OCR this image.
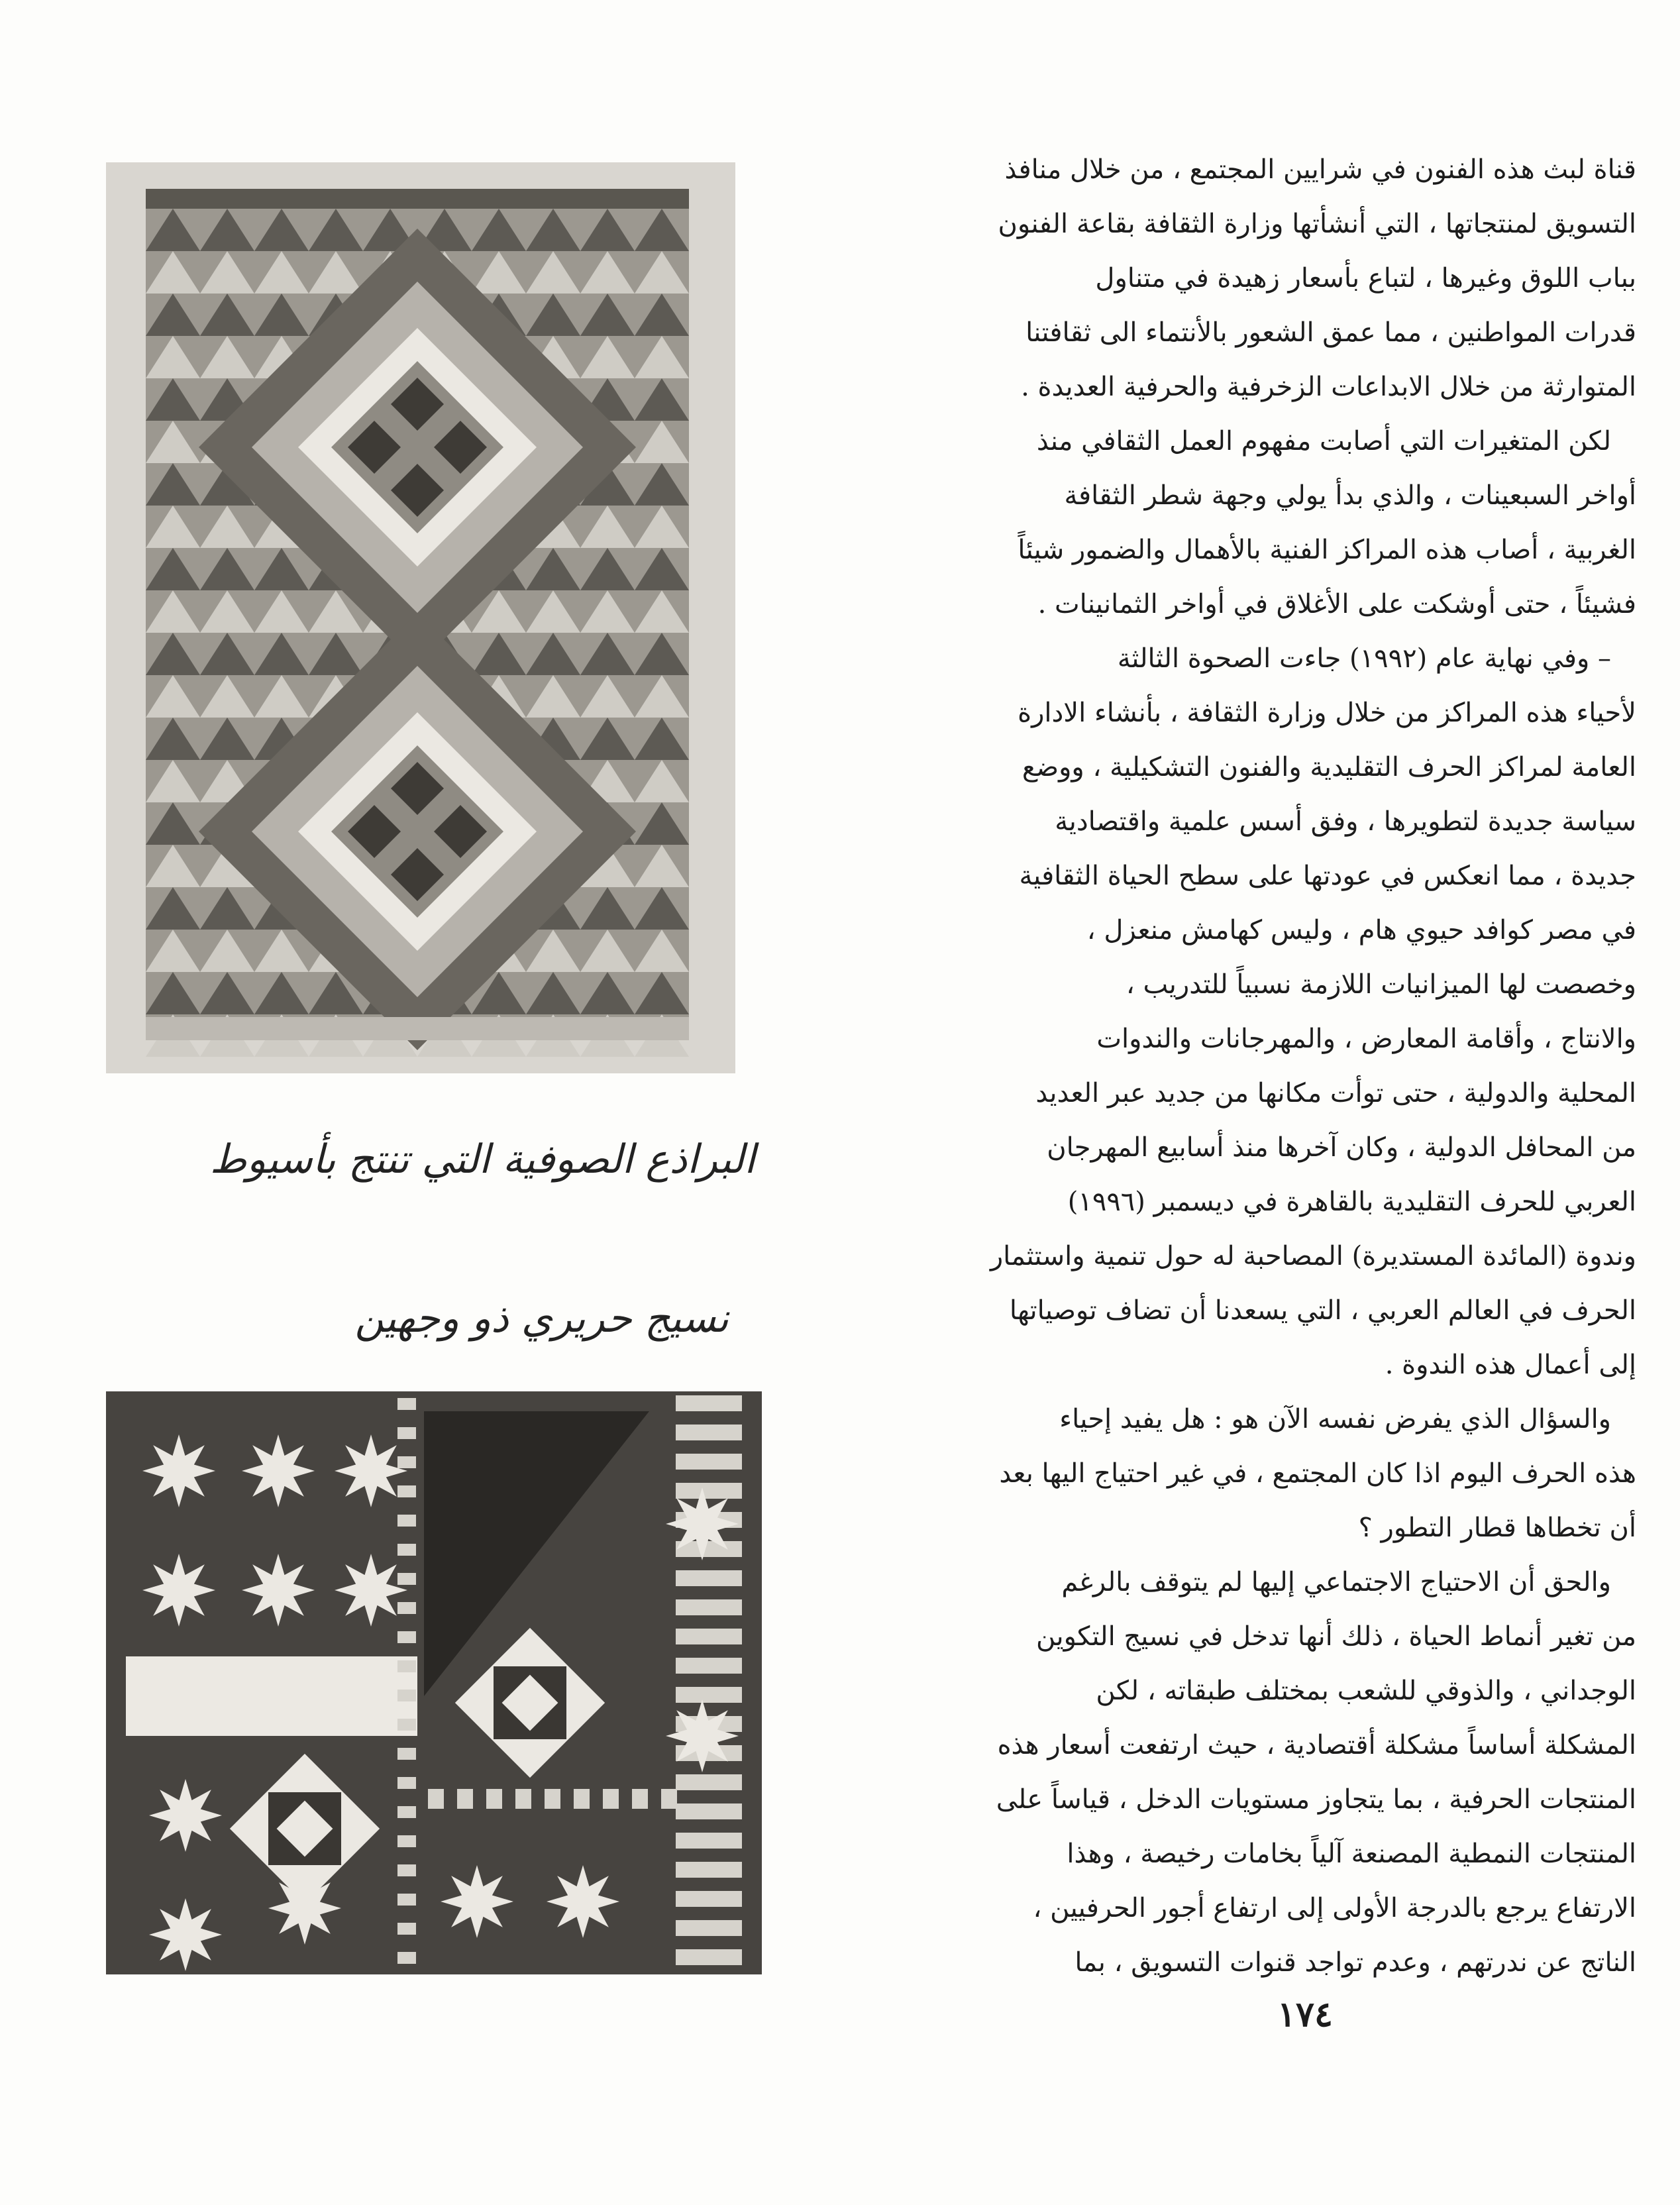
البراذع الصوفية التي تنتج بأسيوط
نسيج حريري ذو وجهين
قناة لبث هذه الفنون في شرايين المجتمع ، من خلال منافذ
التسويق لمنتجاتها ، التي أنشأتها وزارة الثقافة بقاعة الفنون
بباب اللوق وغيرها ، لتباع بأسعار زهيدة في متناول
قدرات المواطنين ، مما عمق الشعور بالأنتماء الى ثقافتنا
المتوارثة من خلال الابداعات الزخرفية والحرفية العديدة .
لكن المتغيرات التي أصابت مفهوم العمل الثقافي منذ
أواخر السبعينات ، والذي بدأ يولي وجهة شطر الثقافة
الغربية ، أصاب هذه المراكز الفنية بالأهمال والضمور شيئاً
فشيئاً ، حتى أوشكت على الأغلاق في أواخر الثمانينات .
– وفي نهاية عام (١٩٩٢) جاءت الصحوة الثالثة
لأحياء هذه المراكز من خلال وزارة الثقافة ، بأنشاء الادارة
العامة لمراكز الحرف التقليدية والفنون التشكيلية ، ووضع
سياسة جديدة لتطويرها ، وفق أسس علمية واقتصادية
جديدة ، مما انعكس في عودتها على سطح الحياة الثقافية
في مصر كوافد حيوي هام ، وليس كهامش منعزل ،
وخصصت لها الميزانيات اللازمة نسبياً للتدريب ،
والانتاج ، وأقامة المعارض ، والمهرجانات والندوات
المحلية والدولية ، حتى توأت مكانها من جديد عبر العديد
من المحافل الدولية ، وكان آخرها منذ أسابيع المهرجان
العربي للحرف التقليدية بالقاهرة في ديسمبر (١٩٩٦)
وندوة (المائدة المستديرة) المصاحبة له حول تنمية واستثمار
الحرف في العالم العربي ، التي يسعدنا أن تضاف توصياتها
إلى أعمال هذه الندوة .
والسؤال الذي يفرض نفسه الآن هو : هل يفيد إحياء
هذه الحرف اليوم اذا كان المجتمع ، في غير احتياج اليها بعد
أن تخطاها قطار التطور ؟
والحق أن الاحتياج الاجتماعي إليها لم يتوقف بالرغم
من تغير أنماط الحياة ، ذلك أنها تدخل في نسيج التكوين
الوجداني ، والذوقي للشعب بمختلف طبقاته ، لكن
المشكلة أساساً مشكلة أقتصادية ، حيث ارتفعت أسعار هذه
المنتجات الحرفية ، بما يتجاوز مستويات الدخل ، قياساً على
المنتجات النمطية المصنعة آلياً بخامات رخيصة ، وهذا
الارتفاع يرجع بالدرجة الأولى إلى ارتفاع أجور الحرفيين ،
الناتج عن ندرتهم ، وعدم تواجد قنوات التسويق ، بما
١٧٤
